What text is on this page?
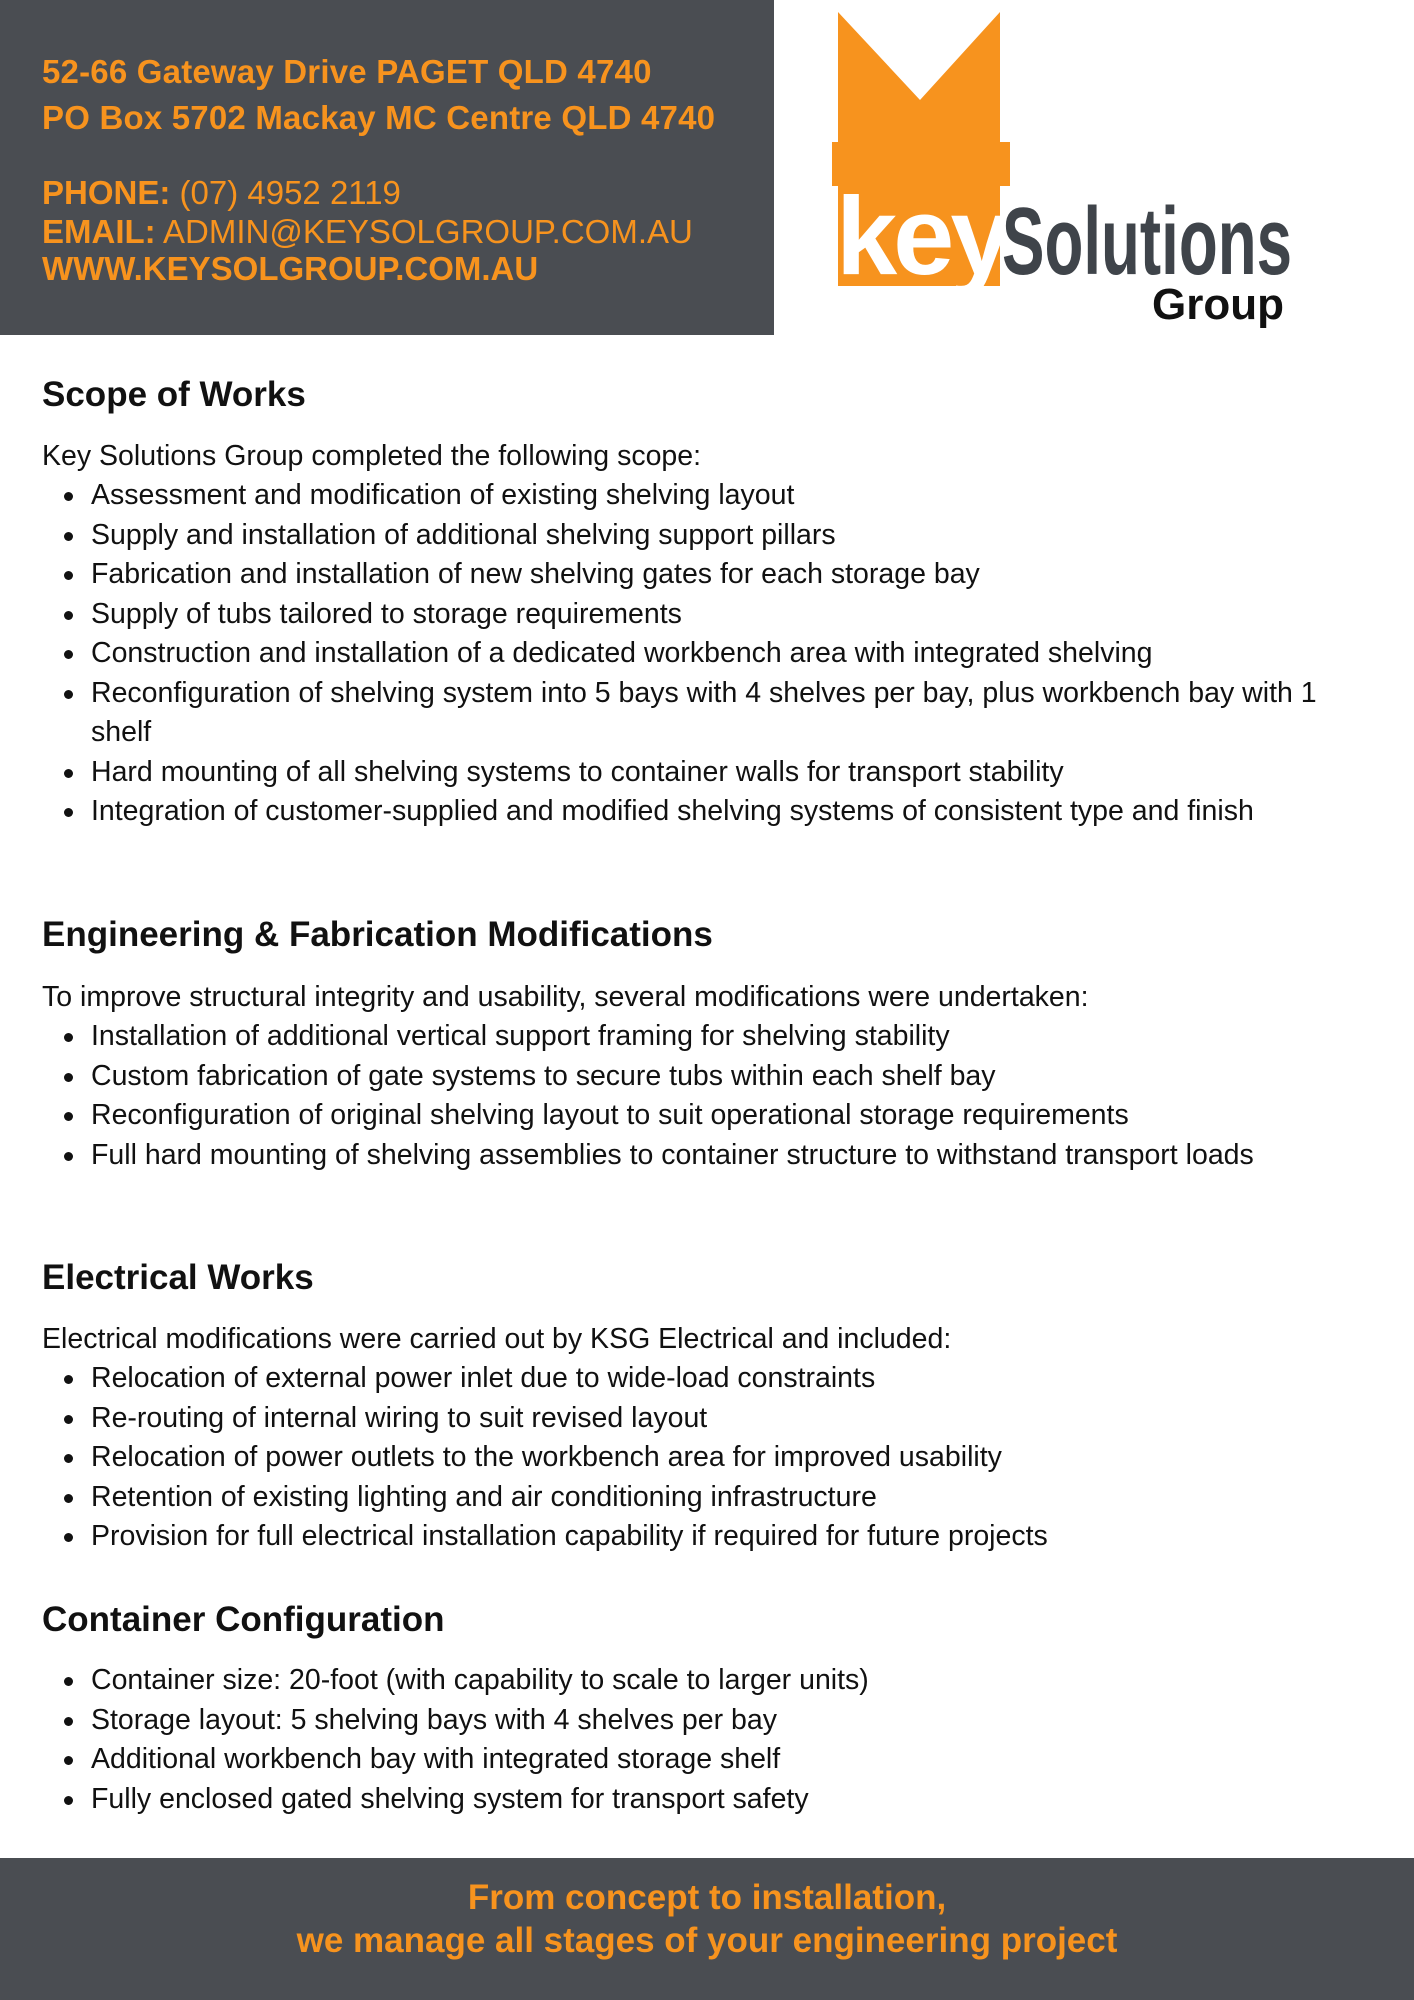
52-66 Gateway Drive PAGET QLD 4740
PO Box 5702 Mackay MC Centre QLD 4740
PHONE: (07) 4952 2119
EMAIL: ADMIN@KEYSOLGROUP.COM.AU
WWW.KEYSOLGROUP.COM.AU	key
Solutions
Group
Scope of Works

Key Solutions Group completed the following scope:

Assessment and modification of existing shelving layout
Supply and installation of additional shelving support pillars
Fabrication and installation of new shelving gates for each storage bay
Supply of tubs tailored to storage requirements
Construction and installation of a dedicated workbench area with integrated shelving
Reconfiguration of shelving system into 5 bays with 4 shelves per bay, plus workbench bay with 1 shelf
Hard mounting of all shelving systems to container walls for transport stability
Integration of customer-supplied and modified shelving systems of consistent type and finish
Engineering & Fabrication Modifications

To improve structural integrity and usability, several modifications were undertaken:

Installation of additional vertical support framing for shelving stability
Custom fabrication of gate systems to secure tubs within each shelf bay
Reconfiguration of original shelving layout to suit operational storage requirements
Full hard mounting of shelving assemblies to container structure to withstand transport loads
Electrical Works

Electrical modifications were carried out by KSG Electrical and included:

Relocation of external power inlet due to wide-load constraints
Re-routing of internal wiring to suit revised layout
Relocation of power outlets to the workbench area for improved usability
Retention of existing lighting and air conditioning infrastructure
Provision for full electrical installation capability if required for future projects
Container Configuration
Container size: 20-foot (with capability to scale to larger units)
Storage layout: 5 shelving bays with 4 shelves per bay
Additional workbench bay with integrated storage shelf
Fully enclosed gated shelving system for transport safety
From concept to installation,
we manage all stages of your engineering project
